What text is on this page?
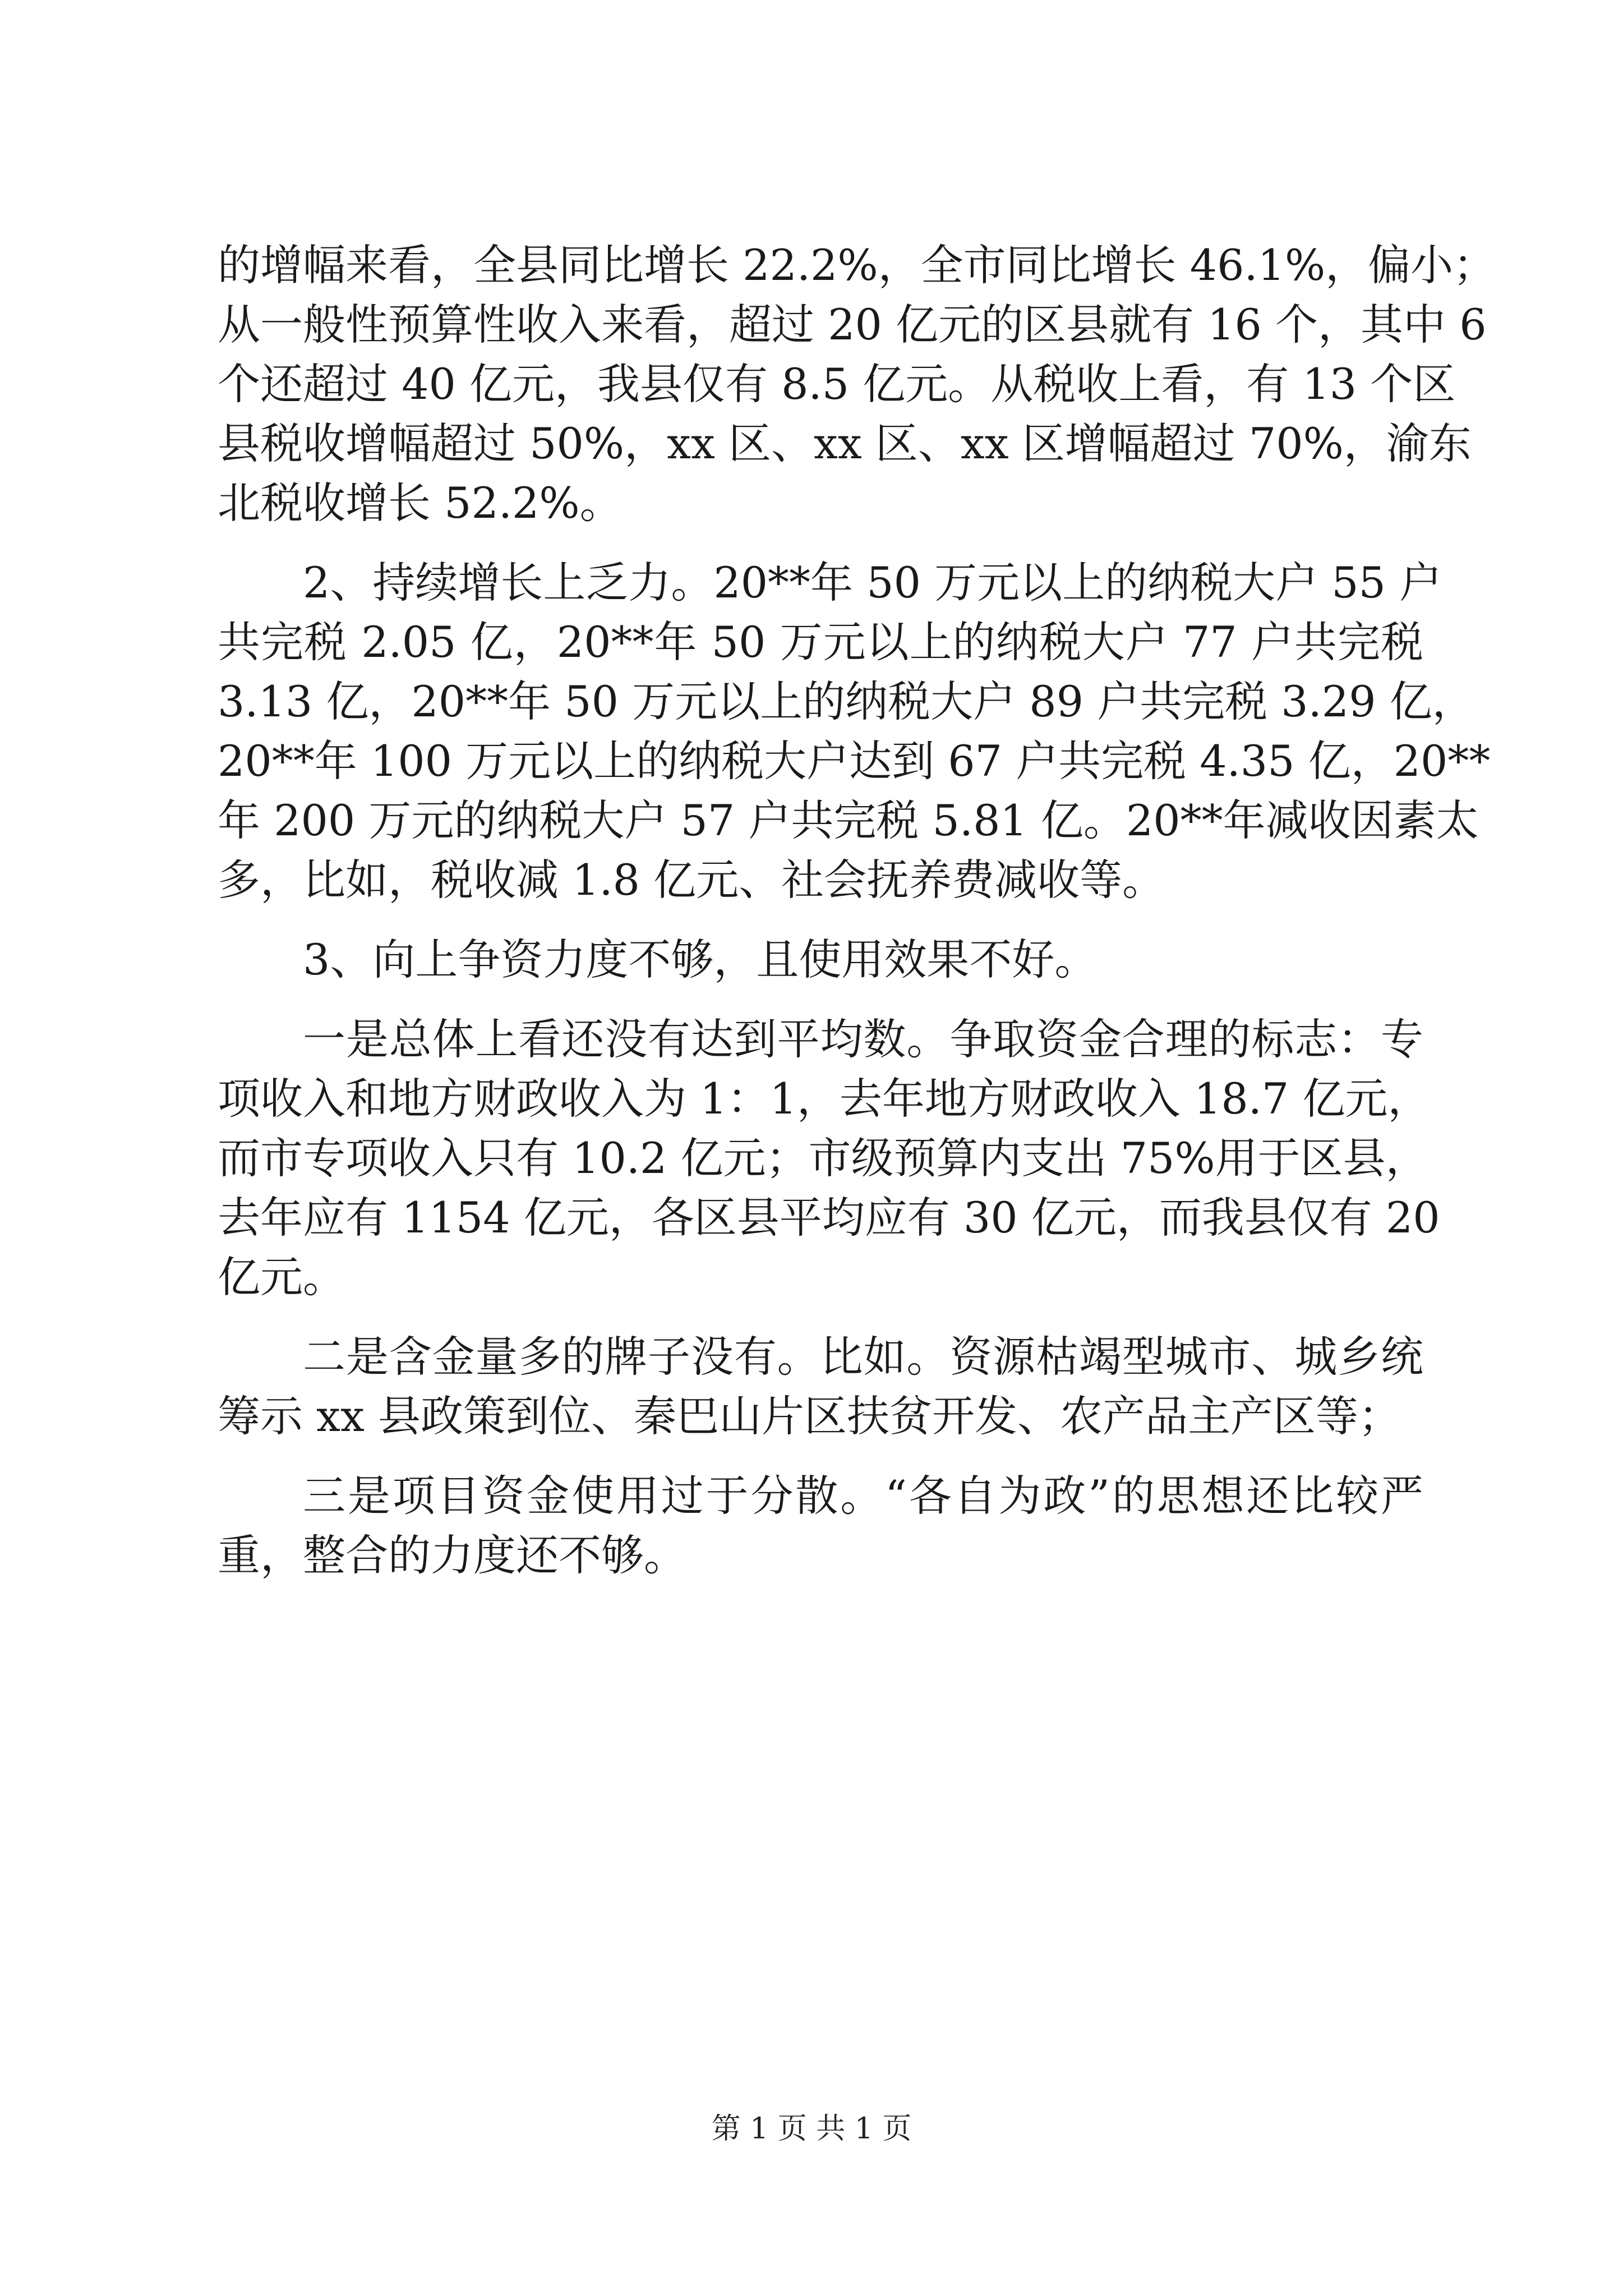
的增幅来看，全县同比增长 22.2%，全市同比增长 46.1%，偏小；
从一般性预算性收入来看，超过 20 亿元的区县就有 16 个，其中 6
个还超过 40 亿元，我县仅有 8.5 亿元。从税收上看，有 13 个区
县税收增幅超过 50%，xx 区、xx 区、xx 区增幅超过 70%，渝东
北税收增长 52.2%。
2、持续增长上乏力。20**年 50 万元以上的纳税大户 55 户
共完税 2.05 亿，20**年 50 万元以上的纳税大户 77 户共完税
3.13 亿，20**年 50 万元以上的纳税大户 89 户共完税 3.29 亿，
20**年 100 万元以上的纳税大户达到 67 户共完税 4.35 亿，20**
年 200 万元的纳税大户 57 户共完税 5.81 亿。20**年减收因素太
多，比如，税收减 1.8 亿元、社会抚养费减收等。
3、向上争资力度不够，且使用效果不好。
一是总体上看还没有达到平均数。争取资金合理的标志：专
项收入和地方财政收入为 1：1，去年地方财政收入 18.7 亿元，
而市专项收入只有 10.2 亿元；市级预算内支出 75%用于区县，
去年应有 1154 亿元，各区县平均应有 30 亿元，而我县仅有 20
亿元。
二是含金量多的牌子没有。比如。资源枯竭型城市、城乡统
筹示 xx 县政策到位、秦巴山片区扶贫开发、农产品主产区等；
三是项目资金使用过于分散。“各自为政”的思想还比较严
重，整合的力度还不够。
第 1 页 共 1 页
